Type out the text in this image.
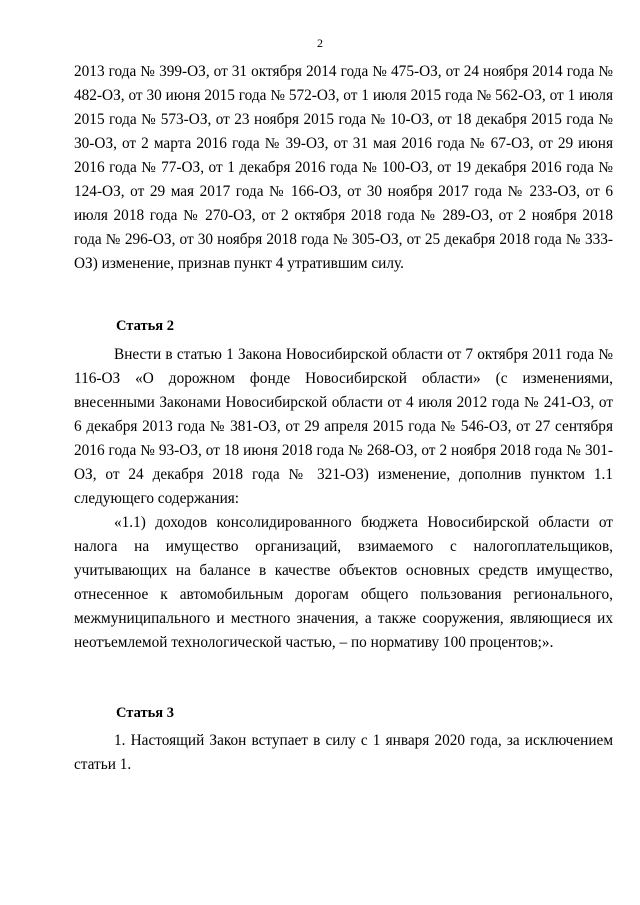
2

2013 года № 399-ОЗ, от 31 октября 2014 года № 475-ОЗ, от 24 ноября 2014 года № 482-ОЗ, от 30 июня 2015 года № 572-ОЗ, от 1 июля 2015 года № 562-ОЗ, от 1 июля 2015 года № 573-ОЗ, от 23 ноября 2015 года № 10-ОЗ, от 18 декабря 2015 года № 30-ОЗ, от 2 марта 2016 года № 39-ОЗ, от 31 мая 2016 года № 67-ОЗ, от 29 июня 2016 года № 77-ОЗ, от 1 декабря 2016 года № 100-ОЗ, от 19 декабря 2016 года № 124-ОЗ, от 29 мая 2017 года № 166-ОЗ, от 30 ноября 2017 года № 233-ОЗ, от 6 июля 2018 года № 270-ОЗ, от 2 октября 2018 года № 289-ОЗ, от 2 ноября 2018 года № 296-ОЗ, от 30 ноября 2018 года № 305-ОЗ, от 25 декабря 2018 года № 333-ОЗ) изменение, признав пункт 4 утратившим силу.

Статья 2

Внести в статью 1 Закона Новосибирской области от 7 октября 2011 года № 116-ОЗ «О дорожном фонде Новосибирской области» (с изменениями, внесенными Законами Новосибирской области от 4 июля 2012 года № 241-ОЗ, от 6 декабря 2013 года № 381-ОЗ, от 29 апреля 2015 года № 546-ОЗ, от 27 сентября 2016 года № 93-ОЗ, от 18 июня 2018 года № 268-ОЗ, от 2 ноября 2018 года № 301-ОЗ, от 24 декабря 2018 года № 321-ОЗ) изменение, дополнив пунктом 1.1 следующего содержания:

«1.1) доходов консолидированного бюджета Новосибирской области от налога на имущество организаций, взимаемого с налогоплательщиков, учитывающих на балансе в качестве объектов основных средств имущество, отнесенное к автомобильным дорогам общего пользования регионального, межмуниципального и местного значения, а также сооружения, являющиеся их неотъемлемой технологической частью, – по нормативу 100 процентов;».

Статья 3

1. Настоящий Закон вступает в силу с 1 января 2020 года, за исключением статьи 1.
